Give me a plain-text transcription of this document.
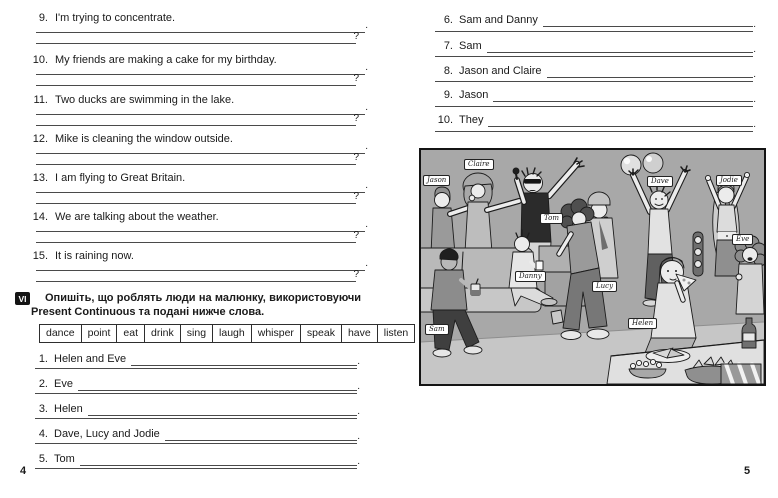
9. I'm trying to concentrate.
.
?
10. My friends are making a cake for my birthday.
.
?
11. Two ducks are swimming in the lake.
.
?
12. Mike is cleaning the window outside.
.
?
13. I am flying to Great Britain.
.
?
14. We are talking about the weather.
.
?
15. It is raining now.
.
?
VI	Опишіть, що роблять люди на малюнку, використовуючи
Present Continuous та подані нижче слова.
dance	point	eat	drink	sing	laugh	whisper	speak	have	listen
1. Helen and Eve	.
2. Eve	.
3. Helen	.
4. Dave, Lucy and Jodie	.
5. Tom	.
4
6. Sam and Danny	.
7. Sam	.
8. Jason and Claire	.
9. Jason	.
10. They	.
Jason
Claire
Tom
Dave	Jodie
Eve
Danny
Lucy
Helen
Sam
5
